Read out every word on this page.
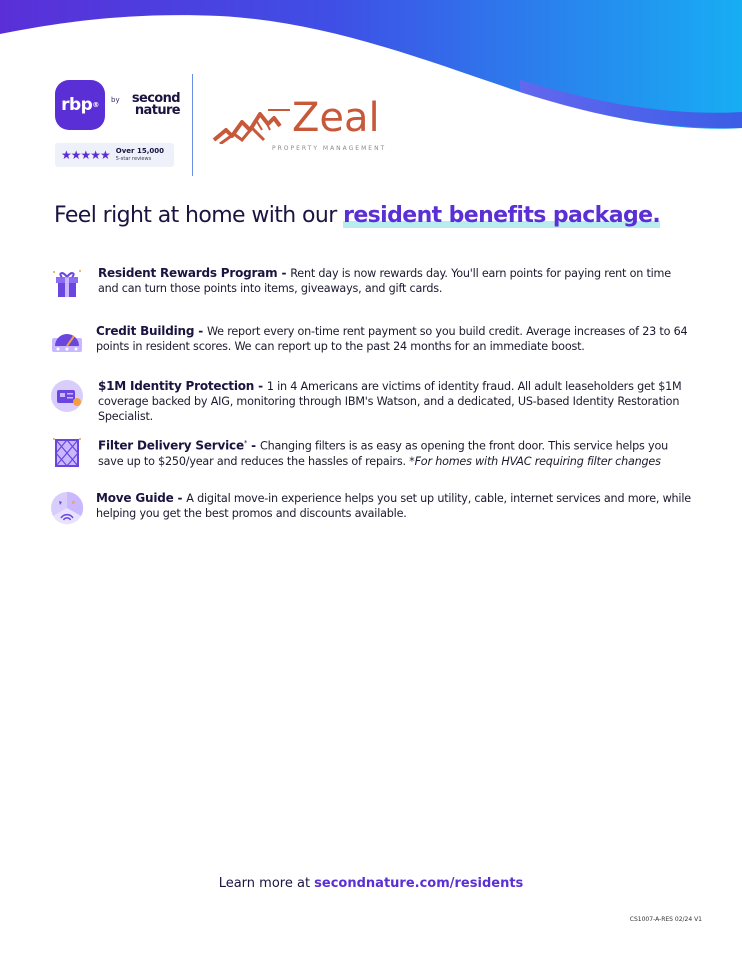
rbp ®
by second nature
★★★★★ Over 15,000
5-star reviews
Zeal
PROPERTY MANAGEMENT
Feel right at home with our resident benefits package.
Resident Rewards Program - Rent day is now rewards day. You'll earn points for paying rent on time and can turn those points into items, giveaways, and gift cards.
Credit Building - We report every on-time rent payment so you build credit. Average increases of 23 to 64 points in resident scores. We can report up to the past 24 months for an immediate boost.
$1M Identity Protection - 1 in 4 Americans are victims of identity fraud. All adult leaseholders get $1M coverage backed by AIG, monitoring through IBM's Watson, and a dedicated, US-based Identity Restoration Specialist.
Filter Delivery Service* - Changing filters is as easy as opening the front door. This service helps you save up to $250/year and reduces the hassles of repairs. *For homes with HVAC requiring filter changes
Move Guide - A digital move-in experience helps you set up utility, cable, internet services and more, while helping you get the best promos and discounts available.
Learn more at secondnature.com/residents
CS1007-A-RES 02/24 V1
